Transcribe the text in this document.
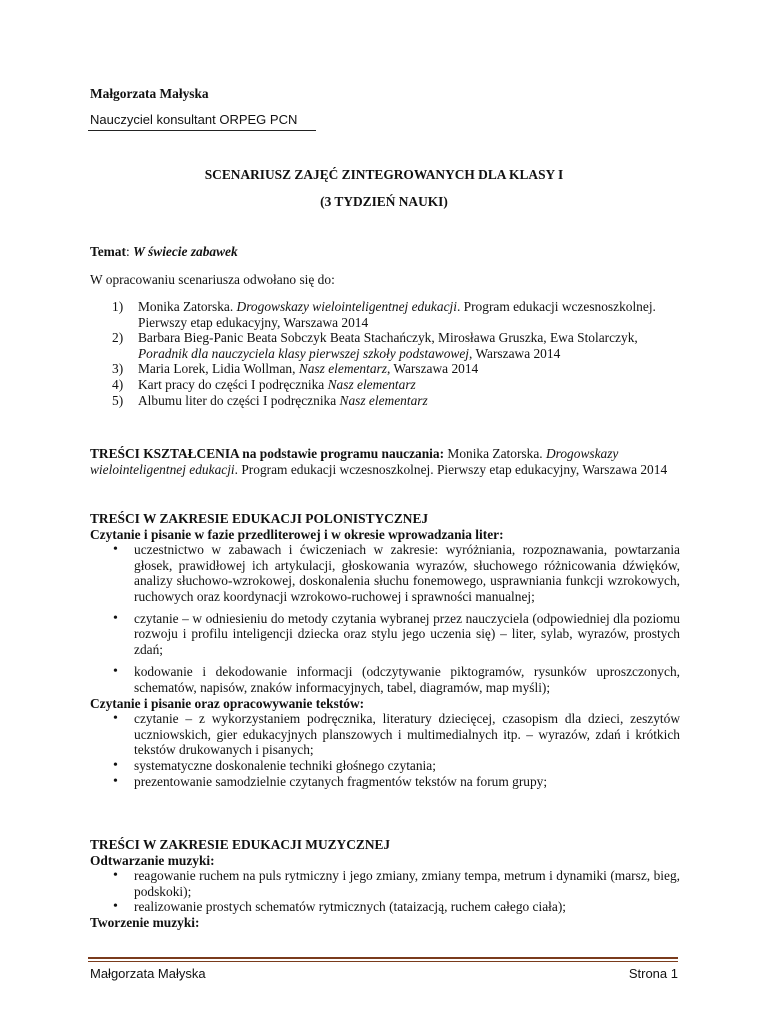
Małgorzata Małyska
Nauczyciel konsultant ORPEG PCN
SCENARIUSZ ZAJĘĆ ZINTEGROWANYCH DLA KLASY I
(3 TYDZIEŃ NAUKI)
Temat: W świecie zabawek
W opracowaniu scenariusza odwołano się do:
1) Monika Zatorska. Drogowskazy wielointeligentnej edukacji. Program edukacji wczesnoszkolnej. Pierwszy etap edukacyjny, Warszawa 2014
2) Barbara Bieg-Panic Beata Sobczyk Beata Stachańczyk, Mirosława Gruszka, Ewa Stolarczyk, Poradnik dla nauczyciela klasy pierwszej szkoły podstawowej, Warszawa 2014
3) Maria Lorek, Lidia Wollman, Nasz elementarz, Warszawa 2014
4) Kart pracy do części I podręcznika Nasz elementarz
5) Albumu liter do części I podręcznika Nasz elementarz
TREŚCI KSZTAŁCENIA na podstawie programu nauczania: Monika Zatorska. Drogowskazy wielointeligentnej edukacji. Program edukacji wczesnoszkolnej. Pierwszy etap edukacyjny, Warszawa 2014
TREŚCI W ZAKRESIE EDUKACJI POLONISTYCZNEJ
Czytanie i pisanie w fazie przedliterowej i w okresie wprowadzania liter:
• uczestnictwo w zabawach i ćwiczeniach w zakresie: wyróżniania, rozpoznawania, powtarzania głosek, prawidłowej ich artykulacji, głoskowania wyrazów, słuchowego różnicowania dźwięków, analizy słuchowo-wzrokowej, doskonalenia słuchu fonemowego, usprawniania funkcji wzrokowych, ruchowych oraz koordynacji wzrokowo-ruchowej i sprawności manualnej;
• czytanie – w odniesieniu do metody czytania wybranej przez nauczyciela (odpowiedniej dla poziomu rozwoju i profilu inteligencji dziecka oraz stylu jego uczenia się) – liter, sylab, wyrazów, prostych zdań;
• kodowanie i dekodowanie informacji (odczytywanie piktogramów, rysunków uproszczonych, schematów, napisów, znaków informacyjnych, tabel, diagramów, map myśli);
Czytanie i pisanie oraz opracowywanie tekstów:
• czytanie – z wykorzystaniem podręcznika, literatury dziecięcej, czasopism dla dzieci, zeszytów uczniowskich, gier edukacyjnych planszowych i multimedialnych itp. – wyrazów, zdań i krótkich tekstów drukowanych i pisanych;
• systematyczne doskonalenie techniki głośnego czytania;
• prezentowanie samodzielnie czytanych fragmentów tekstów na forum grupy;
TREŚCI W ZAKRESIE EDUKACJI MUZYCZNEJ
Odtwarzanie muzyki:
• reagowanie ruchem na puls rytmiczny i jego zmiany, zmiany tempa, metrum i dynamiki (marsz, bieg, podskoki);
• realizowanie prostych schematów rytmicznych (tataizacją, ruchem całego ciała);
Tworzenie muzyki:
Małgorzata Małyska	Strona 1
